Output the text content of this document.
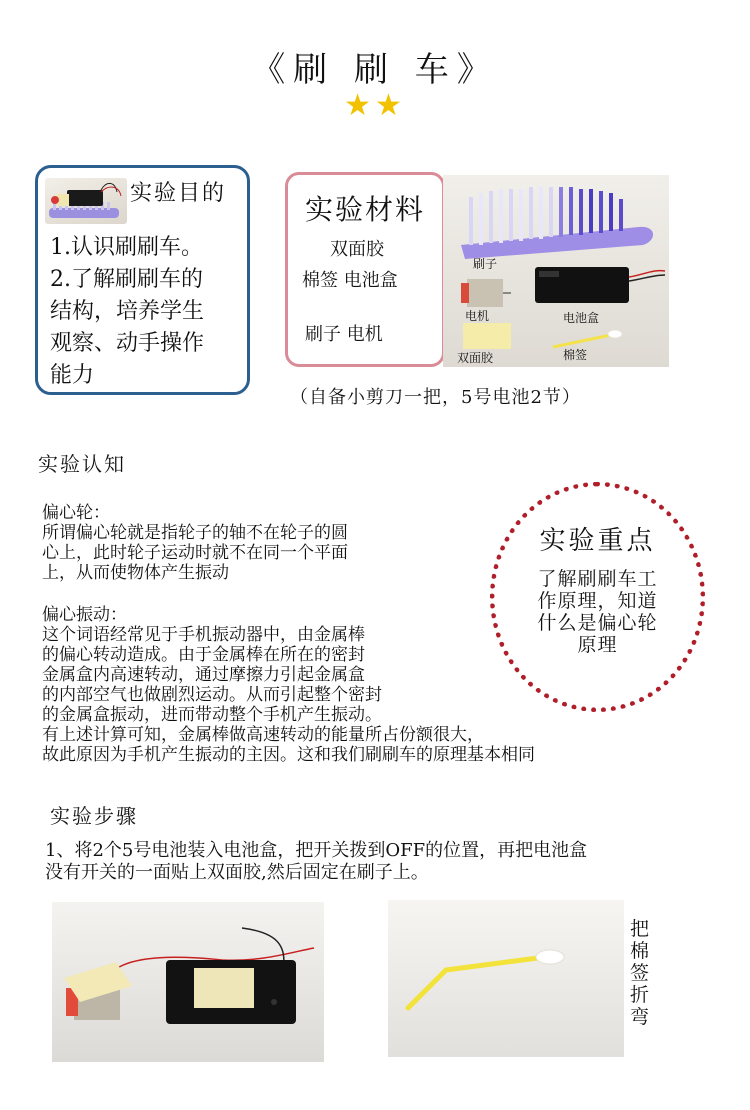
《刷 刷 车》
★★
实验目的
1.认识刷刷车。
2.了解刷刷车的
结构，培养学生
观察、动手操作
能力
实验材料
双面胶
棉签 电池盒
刷子 电机
刷子
电池盒
电机
双面胶	棉签
（自备小剪刀一把，5号电池2节）
实验认知
偏心轮：
所谓偏心轮就是指轮子的轴不在轮子的圆
心上，此时轮子运动时就不在同一个平面
上，从而使物体产生振动
偏心振动：
这个词语经常见于手机振动器中，由金属棒
的偏心转动造成。由于金属棒在所在的密封
金属盒内高速转动，通过摩擦力引起金属盒
的内部空气也做剧烈运动。从而引起整个密封
的金属盒振动，进而带动整个手机产生振动。
有上述计算可知，金属棒做高速转动的能量所占份额很大，
故此原因为手机产生振动的主因。这和我们刷刷车的原理基本相同
实验重点
了解刷刷车工
作原理，知道
什么是偏心轮
原理
实验步骤
1、将2个5号电池装入电池盒，把开关拨到OFF的位置，再把电池盒
没有开关的一面贴上双面胶,然后固定在刷子上。
把
棉
签
折
弯
